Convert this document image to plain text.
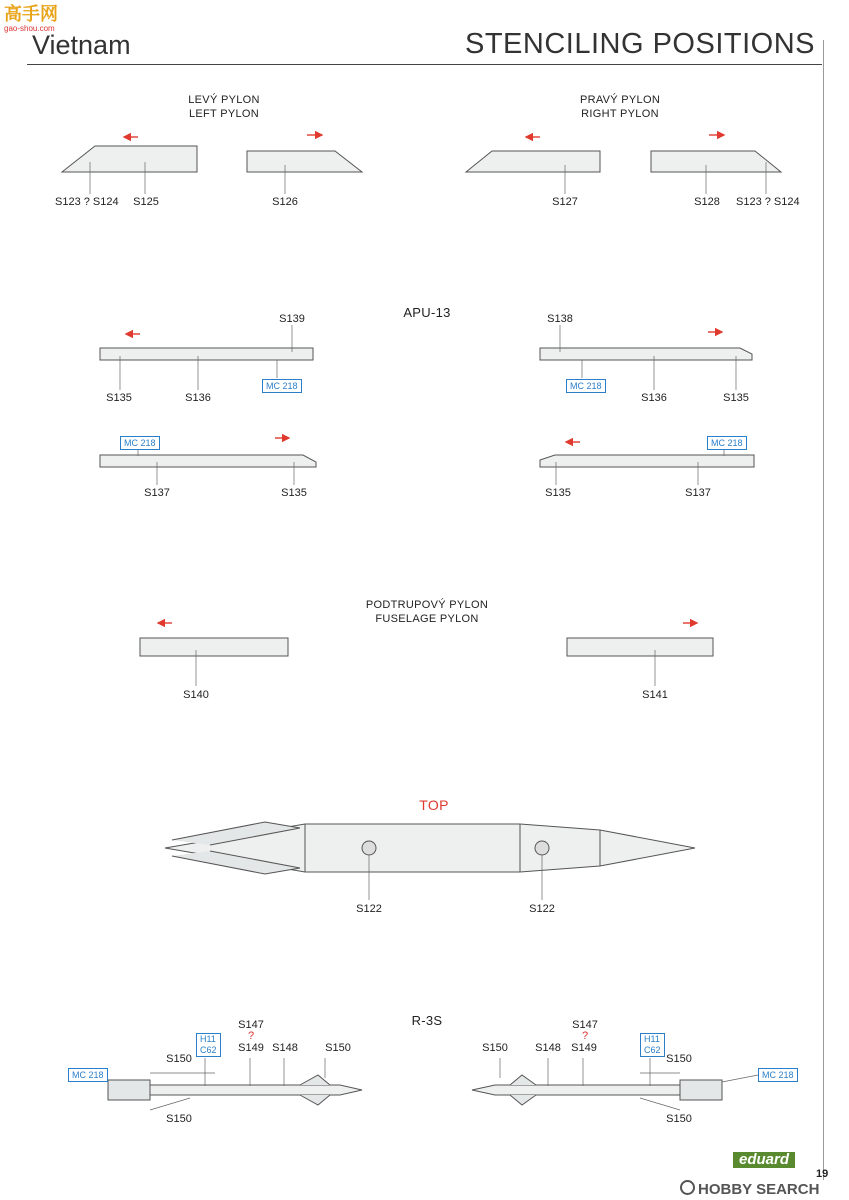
高手网
gao-shou.com
Vietnam	STENCILING POSITIONS
LEVÝ PYLON
LEFT PYLON
PRAVÝ PYLON
RIGHT PYLON
S123 ? S124 S125	S126	S127	S128 S123 ? S124
APU-13
S139	S138
MC 218	MC 218
S135	S136	S136	S135
MC 218	MC 218
S137	S135	S135	S137
PODTRUPOVÝ PYLON
FUSELAGE PYLON
S140	S141
TOP
S122	S122
R-3S
S147
?
S147
?
H11
C62
H11
C62
S149 S148 S150
S150
MC 218
S150
S150 S148 S149
S150
MC 218
S150
eduard
19
HOBBY SEARCH
